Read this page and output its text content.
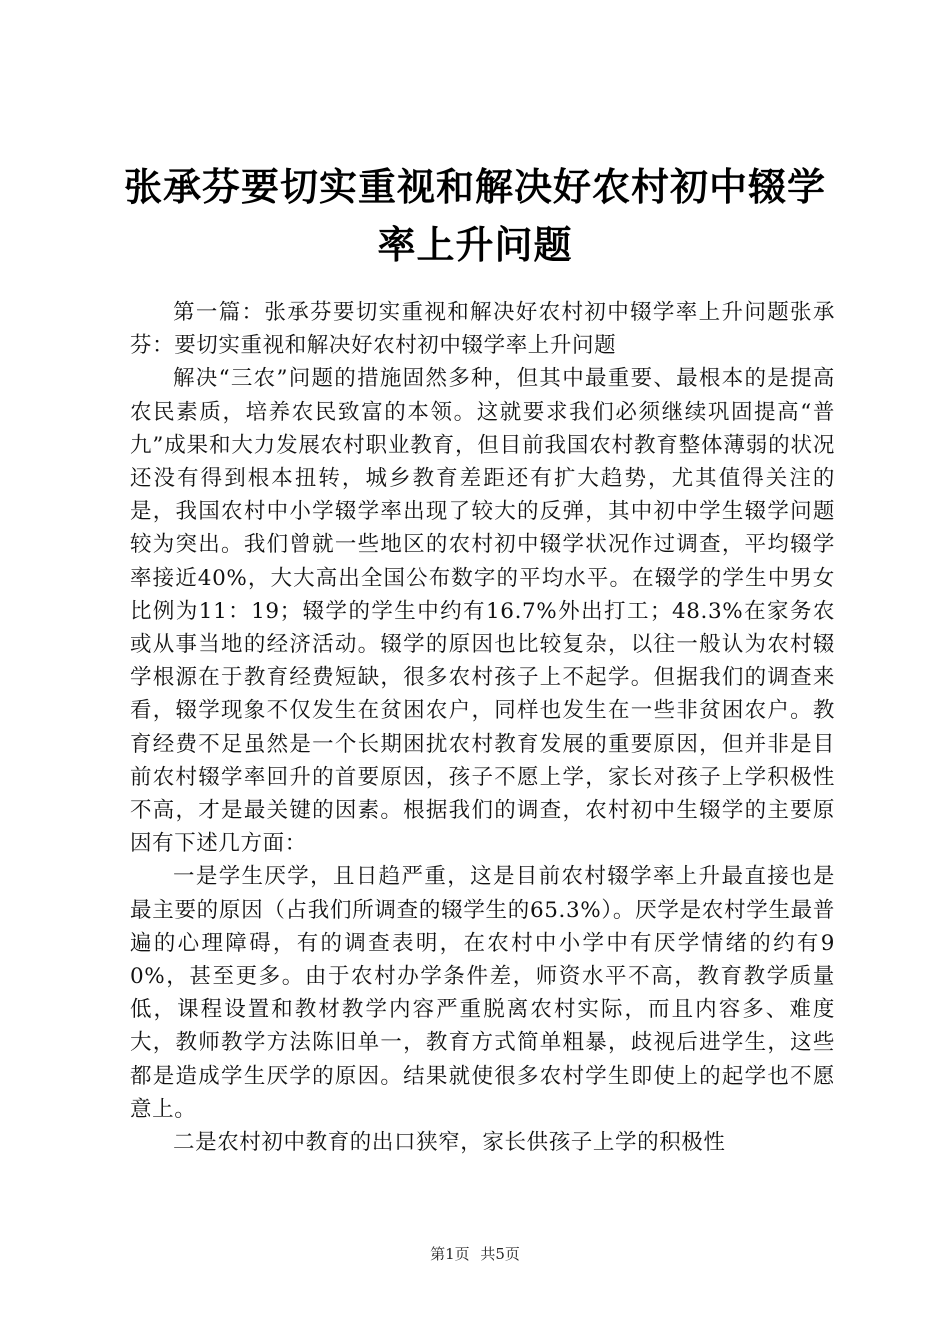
张承芬要切实重视和解决好农村初中辍学率上升问题

第一篇：张承芬要切实重视和解决好农村初中辍学率上升问题张承芬：要切实重视和解决好农村初中辍学率上升问题

解决“三农”问题的措施固然多种，但其中最重要、最根本的是提高农民素质，培养农民致富的本领。这就要求我们必须继续巩固提高“普九”成果和大力发展农村职业教育，但目前我国农村教育整体薄弱的状况还没有得到根本扭转，城乡教育差距还有扩大趋势，尤其值得关注的是，我国农村中小学辍学率出现了较大的反弹，其中初中学生辍学问题较为突出。我们曾就一些地区的农村初中辍学状况作过调查，平均辍学率接近40%，大大高出全国公布数字的平均水平。在辍学的学生中男女比例为11：19；辍学的学生中约有16.7%外出打工；48.3%在家务农或从事当地的经济活动。辍学的原因也比较复杂，以往一般认为农村辍学根源在于教育经费短缺，很多农村孩子上不起学。但据我们的调查来看，辍学现象不仅发生在贫困农户，同样也发生在一些非贫困农户。教育经费不足虽然是一个长期困扰农村教育发展的重要原因，但并非是目前农村辍学率回升的首要原因，孩子不愿上学，家长对孩子上学积极性不高，才是最关键的因素。根据我们的调查，农村初中生辍学的主要原因有下述几方面：

一是学生厌学，且日趋严重，这是目前农村辍学率上升最直接也是最主要的原因（占我们所调查的辍学生的65.3%）。厌学是农村学生最普遍的心理障碍，有的调查表明，在农村中小学中有厌学情绪的约有90%，甚至更多。由于农村办学条件差，师资水平不高，教育教学质量低，课程设置和教材教学内容严重脱离农村实际，而且内容多、难度大，教师教学方法陈旧单一，教育方式简单粗暴，歧视后进学生，这些都是造成学生厌学的原因。结果就使很多农村学生即使上的起学也不愿意上。

二是农村初中教育的出口狭窄，家长供孩子上学的积极性

第1页 共5页
